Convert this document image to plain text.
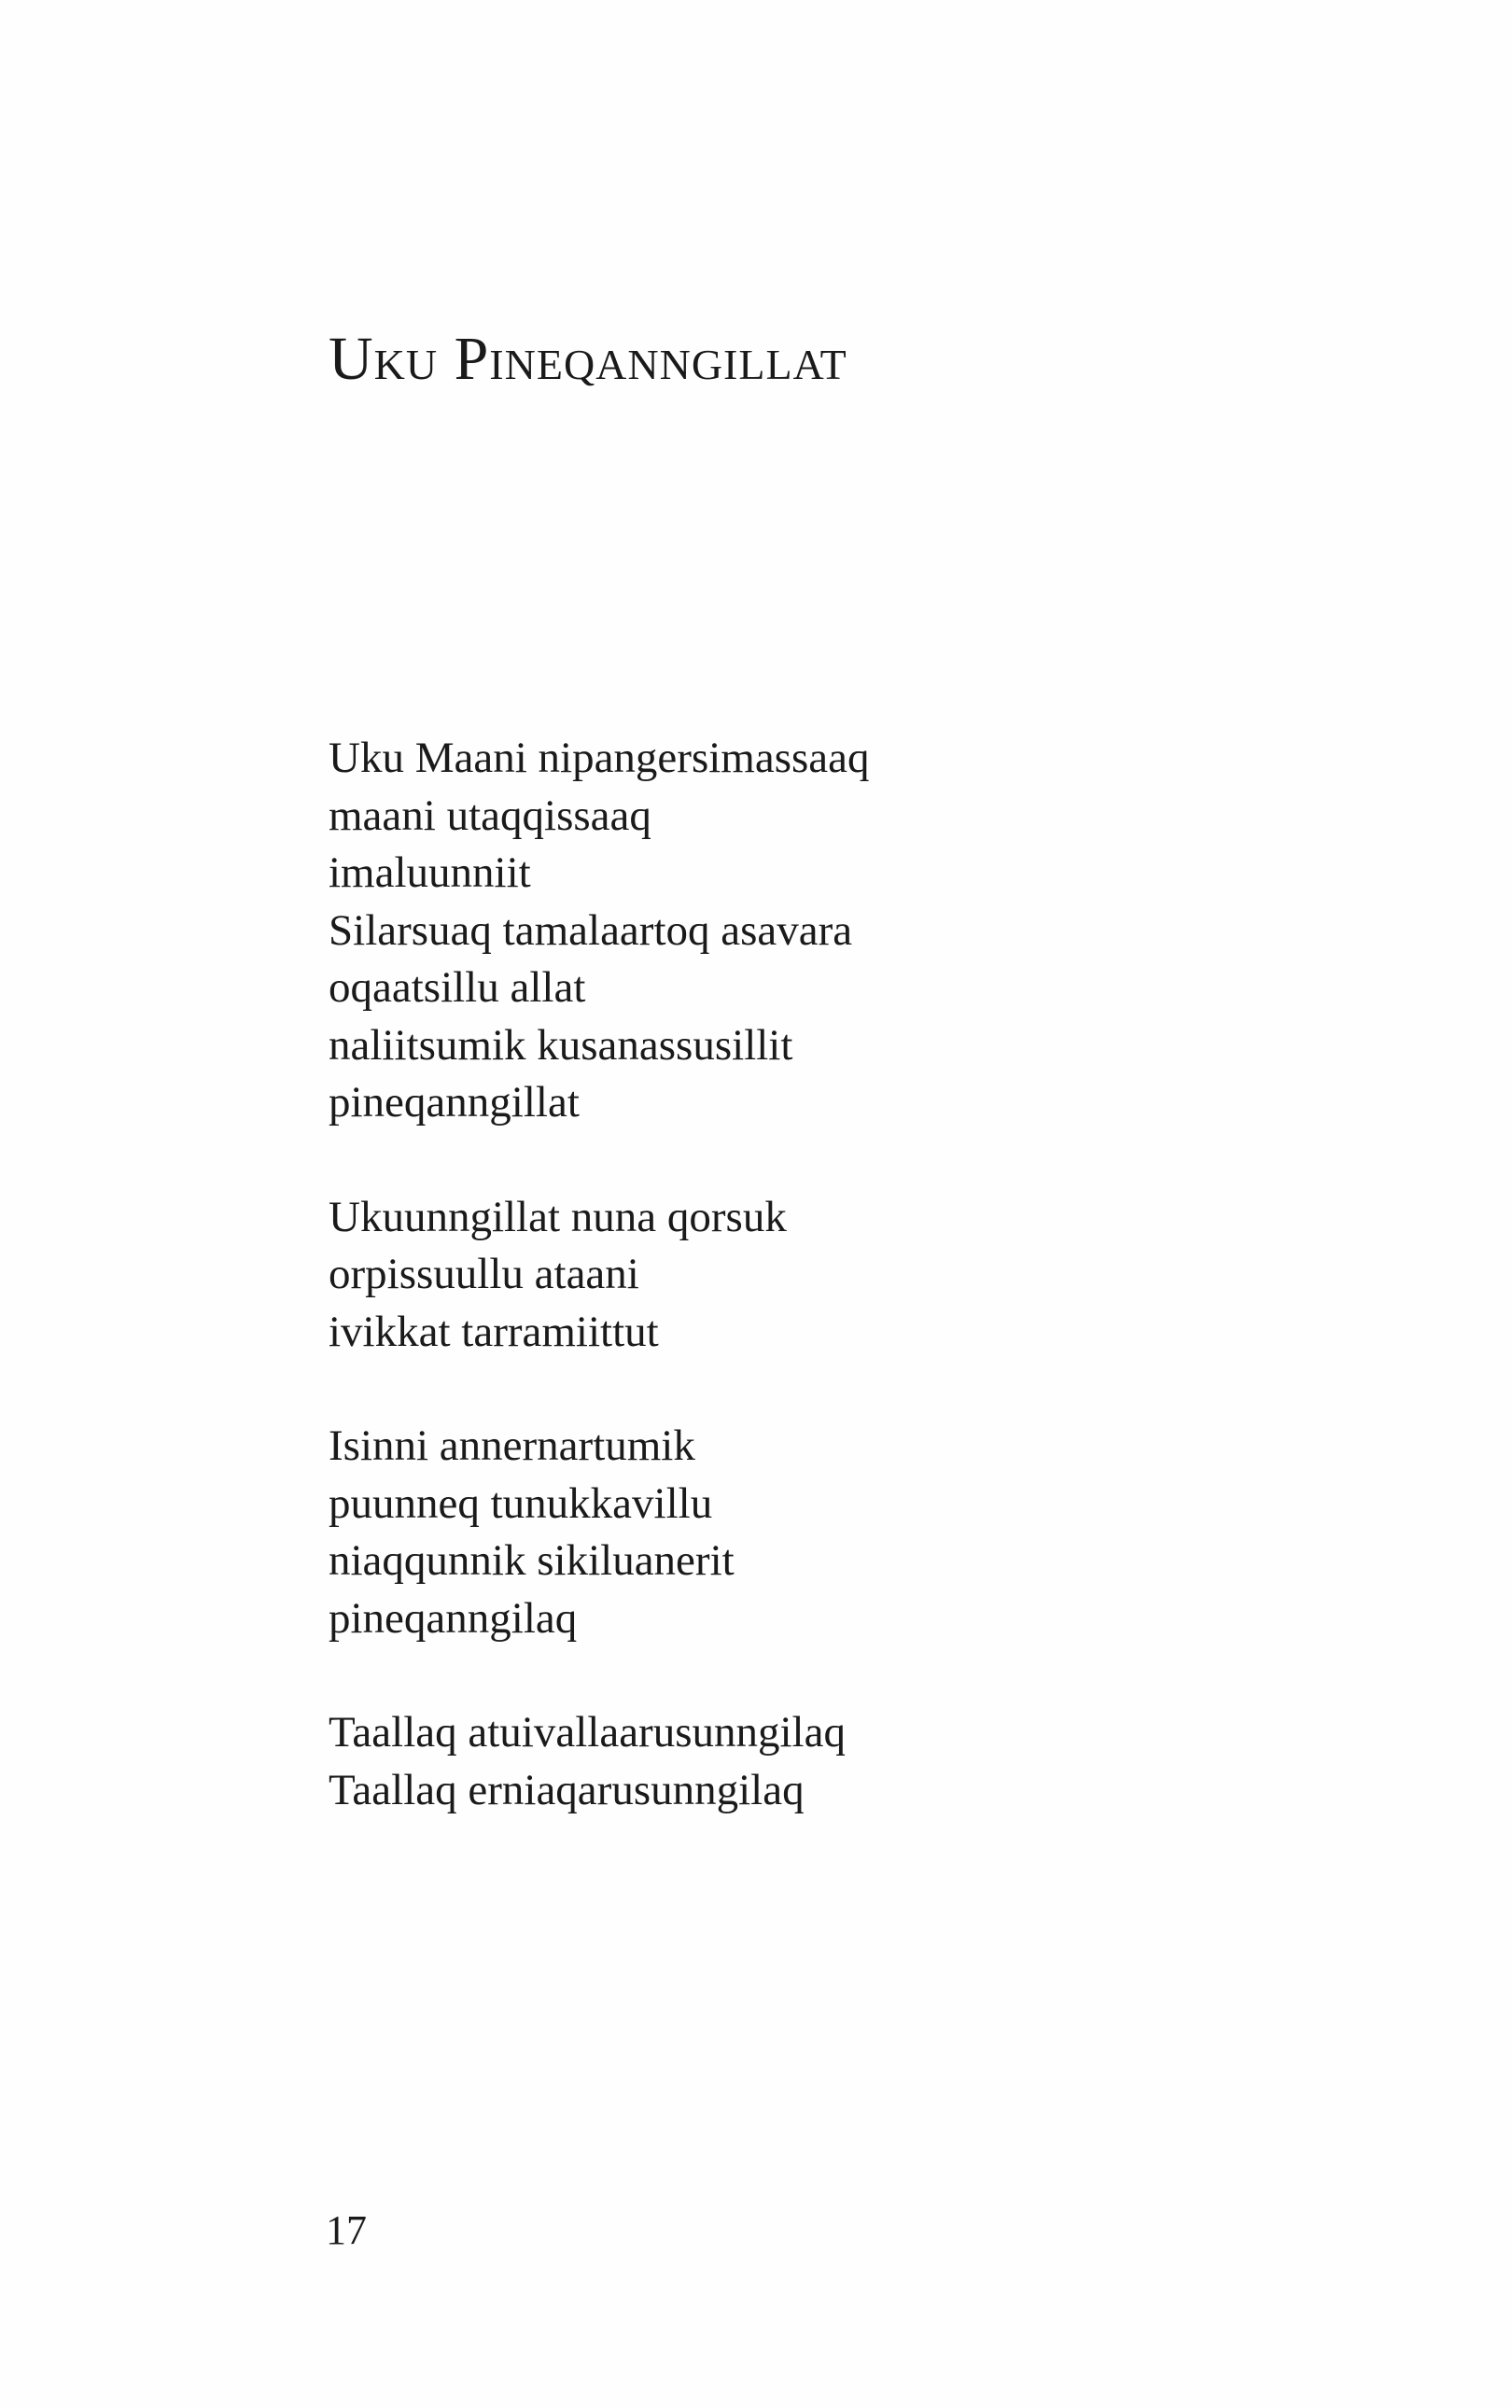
Uku Pineqanngillat

Uku Maani nipangersimassaaq
maani utaqqissaaq
imaluunniit
Silarsuaq tamalaartoq asavara
oqaatsillu allat
naliitsumik kusanassusillit
pineqanngillat

Ukuunngillat nuna qorsuk
orpissuullu ataani
ivikkat tarramiittut

Isinni annernartumik
puunneq tunukkavillu
niaqqunnik sikiluanerit
pineqanngilaq

Taallaq atuivallaarusunngilaq
Taallaq erniaqarusunngilaq

17
